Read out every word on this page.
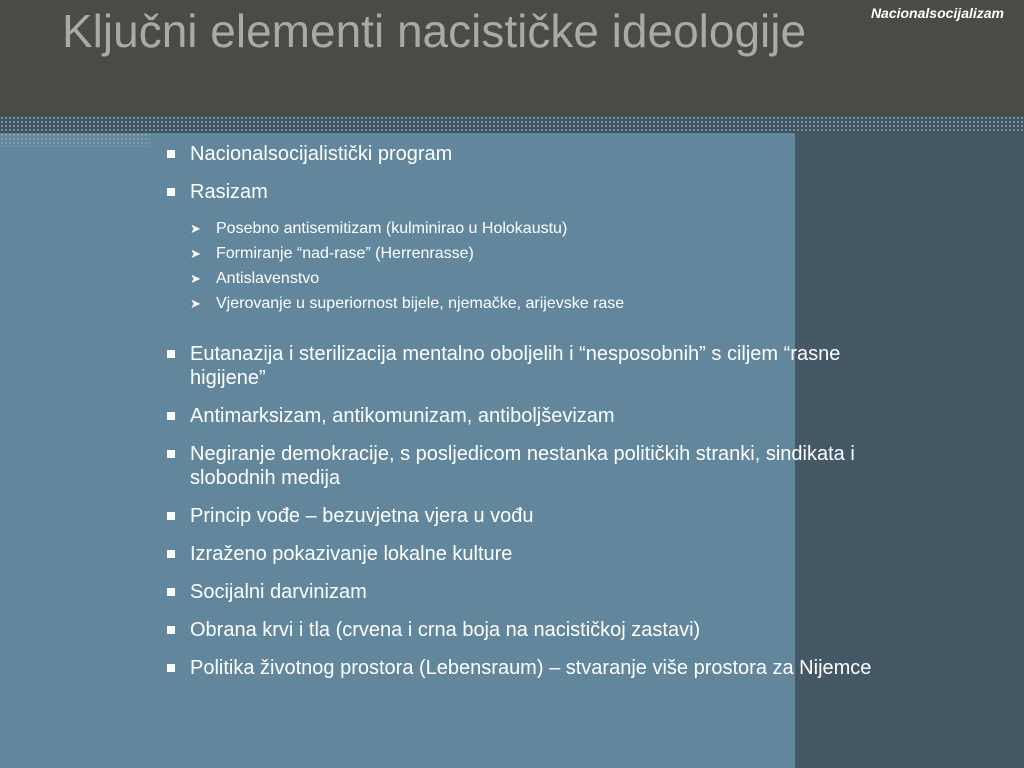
Nacionalsocijalizam
Ključni elementi nacističke ideologije
Nacionalsocijalistički program
Rasizam
➤ Posebno antisemitizam (kulminirao u Holokaustu)
➤ Formiranje “nad-rase” (Herrenrasse)
➤ Antislavenstvo
➤ Vjerovanje u superiornost bijele, njemačke, arijevske rase
Eutanazija i sterilizacija mentalno oboljelih i “nesposobnih” s ciljem “rasne higijene”
Antimarksizam, antikomunizam, antiboljševizam
Negiranje demokracije, s posljedicom nestanka političkih stranki, sindikata i slobodnih medija
Princip vođe – bezuvjetna vjera u vođu
Izraženo pokazivanje lokalne kulture
Socijalni darvinizam
Obrana krvi i tla (crvena i crna boja na nacističkoj zastavi)
Politika životnog prostora (Lebensraum) – stvaranje više prostora za Nijemce
